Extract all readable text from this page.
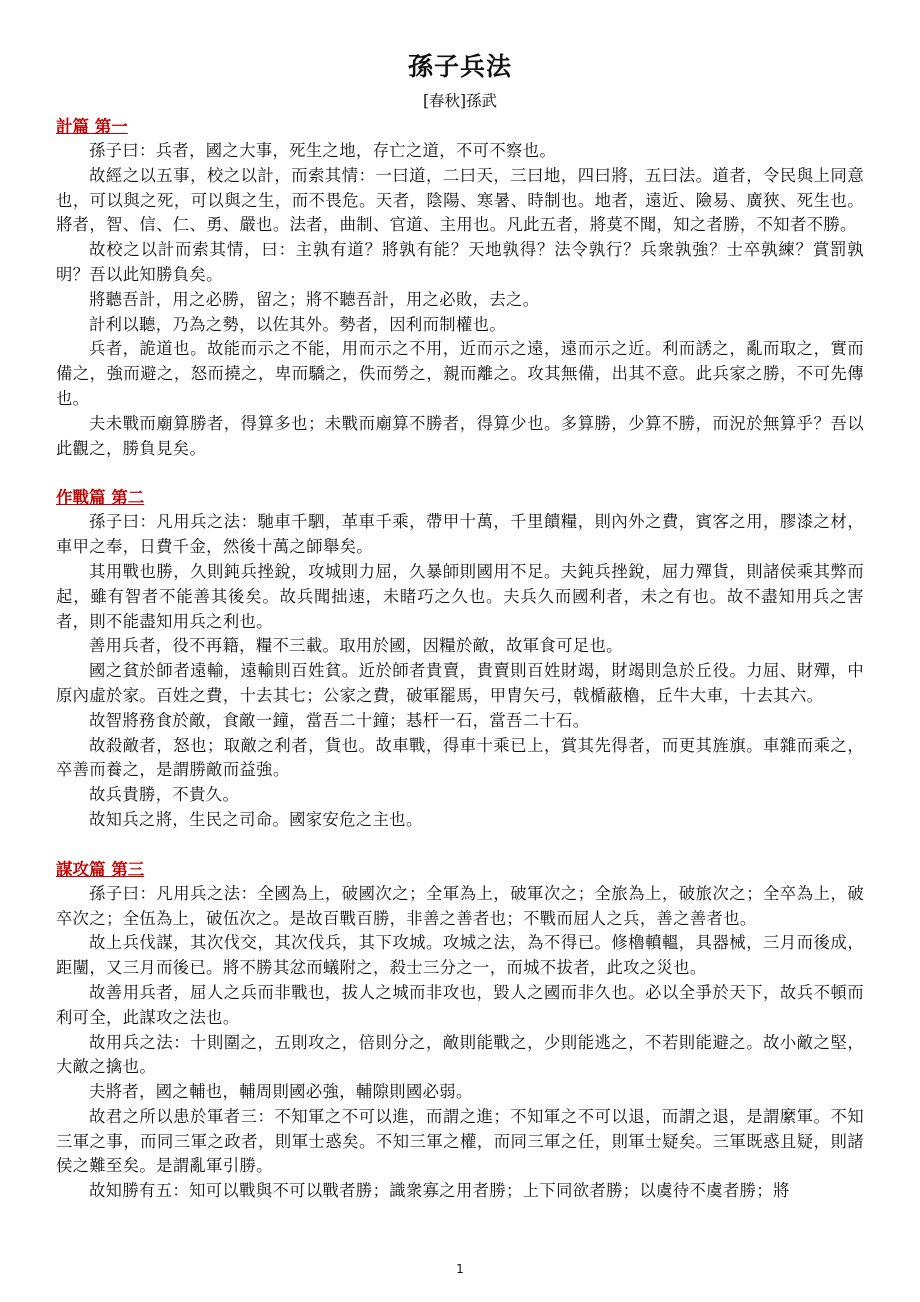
孫子兵法
[春秋]孫武
計篇 第一

孫子曰：兵者，國之大事，死生之地，存亡之道，不可不察也。

故經之以五事，校之以計，而索其情：一曰道，二曰天，三曰地，四曰將，五曰法。道者，令民與上同意也，可以與之死，可以與之生，而不畏危。天者，陰陽、寒暑、時制也。地者，遠近、險易、廣狹、死生也。將者，智、信、仁、勇、嚴也。法者，曲制、官道、主用也。凡此五者，將莫不聞，知之者勝，不知者不勝。

故校之以計而索其情，曰：主孰有道？將孰有能？天地孰得？法令孰行？兵衆孰強？士卒孰練？賞罰孰明？吾以此知勝負矣。

將聽吾計，用之必勝，留之；將不聽吾計，用之必敗，去之。

計利以聽，乃為之勢，以佐其外。勢者，因利而制權也。

兵者，詭道也。故能而示之不能，用而示之不用，近而示之遠，遠而示之近。利而誘之，亂而取之，實而備之，強而避之，怒而撓之，卑而驕之，佚而勞之，親而離之。攻其無備，出其不意。此兵家之勝，不可先傳也。

夫未戰而廟算勝者，得算多也；未戰而廟算不勝者，得算少也。多算勝，少算不勝，而況於無算乎？吾以此觀之，勝負見矣。

作戰篇 第二

孫子曰：凡用兵之法：馳車千駟，革車千乘，帶甲十萬，千里饋糧，則內外之費，賓客之用，膠漆之材，車甲之奉，日費千金，然後十萬之師舉矣。

其用戰也勝，久則鈍兵挫銳，攻城則力屈，久暴師則國用不足。夫鈍兵挫銳，屈力殫貨，則諸侯乘其弊而起，雖有智者不能善其後矣。故兵聞拙速，未睹巧之久也。夫兵久而國利者，未之有也。故不盡知用兵之害者，則不能盡知用兵之利也。

善用兵者，役不再籍，糧不三載。取用於國，因糧於敵，故軍食可足也。

國之貧於師者遠輸，遠輸則百姓貧。近於師者貴賣，貴賣則百姓財竭，財竭則急於丘役。力屈、財殫，中原內虛於家。百姓之費，十去其七；公家之費，破軍罷馬，甲胄矢弓，戟楯蔽櫓，丘牛大車，十去其六。

故智將務食於敵，食敵一鐘，當吾二十鐘；惎杆一石，當吾二十石。

故殺敵者，怒也；取敵之利者，貨也。故車戰，得車十乘已上，賞其先得者，而更其旌旗。車雜而乘之，卒善而養之，是謂勝敵而益強。

故兵貴勝，不貴久。

故知兵之將，生民之司命。國家安危之主也。

謀攻篇 第三

孫子曰：凡用兵之法：全國為上，破國次之；全軍為上，破軍次之；全旅為上，破旅次之；全卒為上，破卒次之；全伍為上，破伍次之。是故百戰百勝，非善之善者也；不戰而屈人之兵，善之善者也。

故上兵伐謀，其次伐交，其次伐兵，其下攻城。攻城之法，為不得已。修櫓轒轀，具器械，三月而後成，距闉，又三月而後已。將不勝其忿而蟻附之，殺士三分之一，而城不拔者，此攻之災也。

故善用兵者，屈人之兵而非戰也，拔人之城而非攻也，毀人之國而非久也。必以全爭於天下，故兵不頓而利可全，此謀攻之法也。

故用兵之法：十則圍之，五則攻之，倍則分之，敵則能戰之，少則能逃之，不若則能避之。故小敵之堅，大敵之擒也。

夫將者，國之輔也，輔周則國必強，輔隙則國必弱。

故君之所以患於軍者三：不知軍之不可以進，而謂之進；不知軍之不可以退，而謂之退，是謂縻軍。不知三軍之事，而同三軍之政者，則軍士惑矣。不知三軍之權，而同三軍之任，則軍士疑矣。三軍既惑且疑，則諸侯之難至矣。是謂亂軍引勝。

故知勝有五：知可以戰與不可以戰者勝；識衆寡之用者勝；上下同欲者勝；以虞待不虞者勝；將

1
